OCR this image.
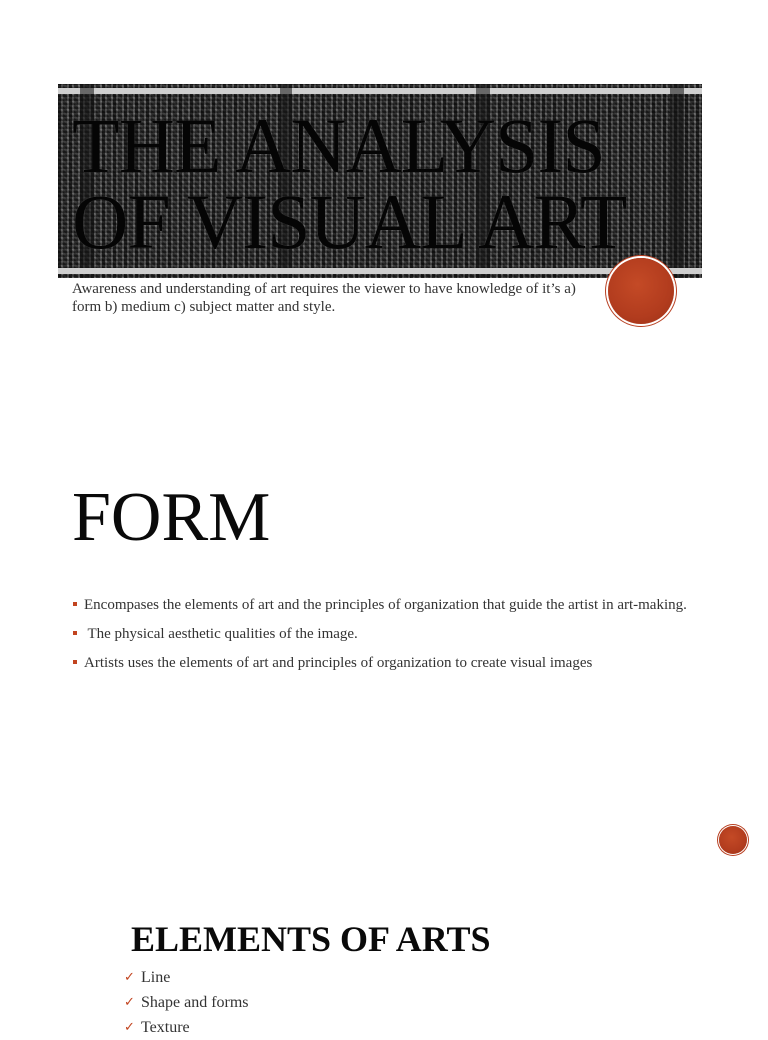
THE ANALYSIS
OF VISUAL ART

Awareness and understanding of art requires the viewer to have knowledge of it’s a) form b) medium c) subject matter and style.

FORM
Encompases the elements of art and the principles of organization that guide the artist in art-making.
The physical aesthetic qualities of the image.
Artists uses the elements of art and principles of organization to create visual images
ELEMENTS OF ARTS
✓ Line
✓ Shape and forms
✓ Texture
